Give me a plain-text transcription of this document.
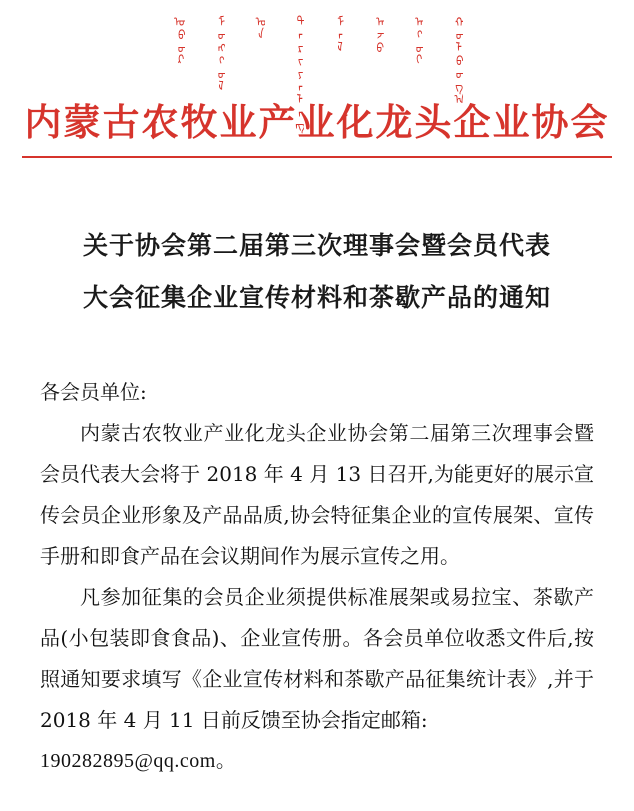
ᠥᠪᠥᠷ ᠮᠣᠩᠭᠣᠯ ᠤᠨ ᠲᠠᠷᠢᠶᠠᠯᠠᠩ ᠮᠠᠯ ᠠᠵᠤ ᠠᠬᠤᠢ ᠬᠣᠯᠪᠣᠭ᠎ᠠ
内蒙古农牧业产业化龙头企业协会
关于协会第二届第三次理事会暨会员代表
大会征集企业宣传材料和茶歇产品的通知

各会员单位:

内蒙古农牧业产业化龙头企业协会第二届第三次理事会暨会员代表大会将于 2018 年 4 月 13 日召开,为能更好的展示宣传会员企业形象及产品品质,协会特征集企业的宣传展架、宣传手册和即食产品在会议期间作为展示宣传之用。

凡参加征集的会员企业须提供标准展架或易拉宝、茶歇产品(小包装即食食品)、企业宣传册。各会员单位收悉文件后,按照通知要求填写《企业宣传材料和茶歇产品征集统计表》,并于 2018 年 4 月 11 日前反馈至协会指定邮箱:

190282895@qq.com。
